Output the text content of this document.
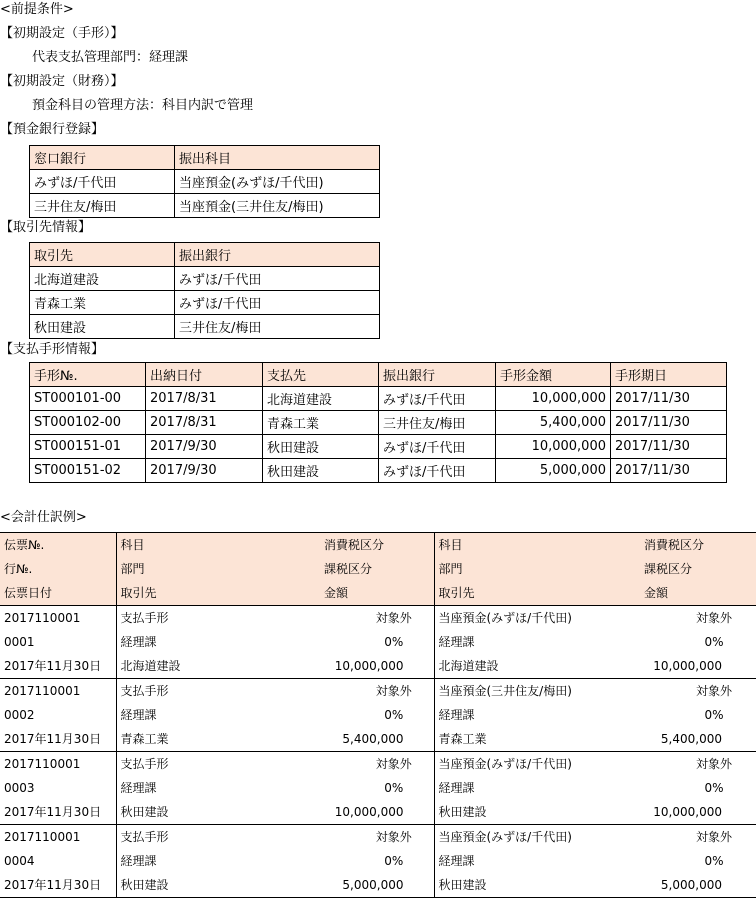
<前提条件>
【初期設定（手形）】
代表支払管理部門：経理課
【初期設定（財務）】
預金科目の管理方法：科目内訳で管理
【預金銀行登録】
窓口銀行	振出科目
みずほ/千代田	当座預金(みずほ/千代田)
三井住友/梅田	当座預金(三井住友/梅田)
【取引先情報】
取引先	振出銀行
北海道建設	みずほ/千代田
青森工業	みずほ/千代田
秋田建設	三井住友/梅田
【支払手形情報】
手形№.	出納日付	支払先	振出銀行	手形金額	手形期日
ST000101-00	2017/8/31	北海道建設	みずほ/千代田	10,000,000	2017/11/30
ST000102-00	2017/8/31	青森工業	三井住友/梅田	5,400,000	2017/11/30
ST000151-01	2017/9/30	秋田建設	みずほ/千代田	10,000,000	2017/11/30
ST000151-02	2017/9/30	秋田建設	みずほ/千代田	5,000,000	2017/11/30
<会計仕訳例>
伝票№.	科目	消費税区分	科目	消費税区分
行№.	部門	課税区分	部門	課税区分
伝票日付	取引先	金額	取引先	金額
2017110001	支払手形	対象外	当座預金(みずほ/千代田)	対象外
0001	経理課	0%	経理課	0%
2017年11月30日	北海道建設	10,000,000	北海道建設	10,000,000
2017110001	支払手形	対象外	当座預金(三井住友/梅田)	対象外
0002	経理課	0%	経理課	0%
2017年11月30日	青森工業	5,400,000	青森工業	5,400,000
2017110001	支払手形	対象外	当座預金(みずほ/千代田)	対象外
0003	経理課	0%	経理課	0%
2017年11月30日	秋田建設	10,000,000	秋田建設	10,000,000
2017110001	支払手形	対象外	当座預金(みずほ/千代田)	対象外
0004	経理課	0%	経理課	0%
2017年11月30日	秋田建設	5,000,000	秋田建設	5,000,000
